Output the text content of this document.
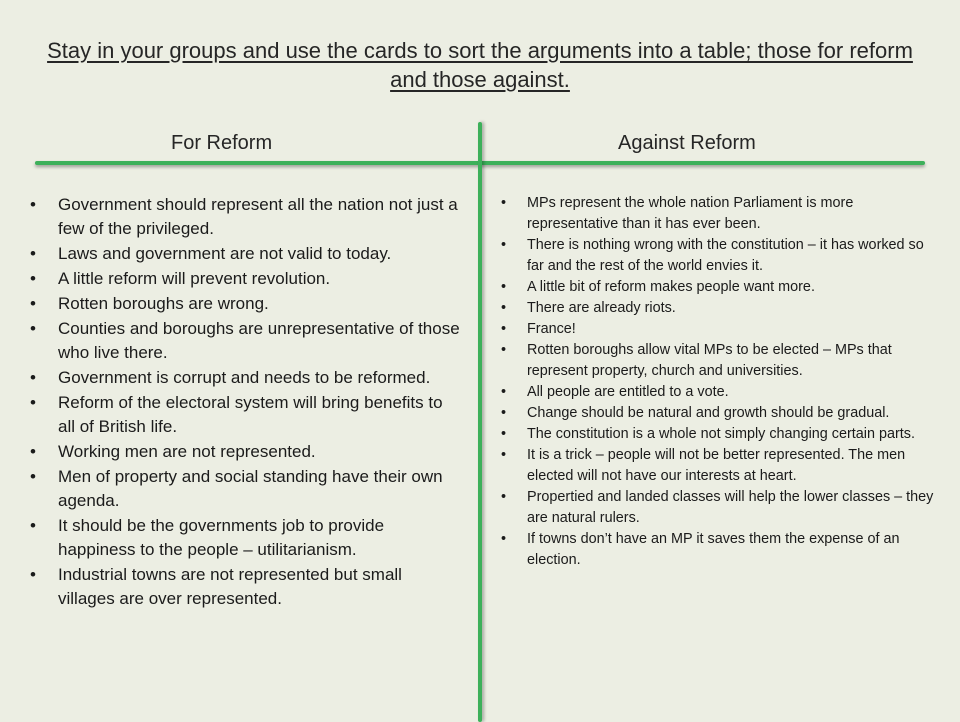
Stay in your groups and use the cards to sort the arguments into a table; those for reform and those against.
For Reform	Against Reform
• Government should represent all the nation not just a few of the privileged.
• Laws and government are not valid to today.
• A little reform will prevent revolution.
• Rotten boroughs are wrong.
• Counties and boroughs are unrepresentative of those who live there.
• Government is corrupt and needs to be reformed.
• Reform of the electoral system will bring benefits to all of British life.
• Working men are not represented.
• Men of property and social standing have their own agenda.
• It should be the governments job to provide happiness to the people – utilitarianism.
• Industrial towns are not represented but small villages are over represented.
• MPs represent the whole nation Parliament is more representative than it has ever been.
• There is nothing wrong with the constitution – it has worked so far and the rest of the world envies it.
• A little bit of reform makes people want more.
• There are already riots.
• France!
• Rotten boroughs allow vital MPs to be elected – MPs that represent property, church and universities.
• All people are entitled to a vote.
• Change should be natural and growth should be gradual.
• The constitution is a whole not simply changing certain parts.
• It is a trick – people will not be better represented. The men elected will not have our interests at heart.
• Propertied and landed classes will help the lower classes – they are natural rulers.
• If towns don’t have an MP it saves them the expense of an election.
